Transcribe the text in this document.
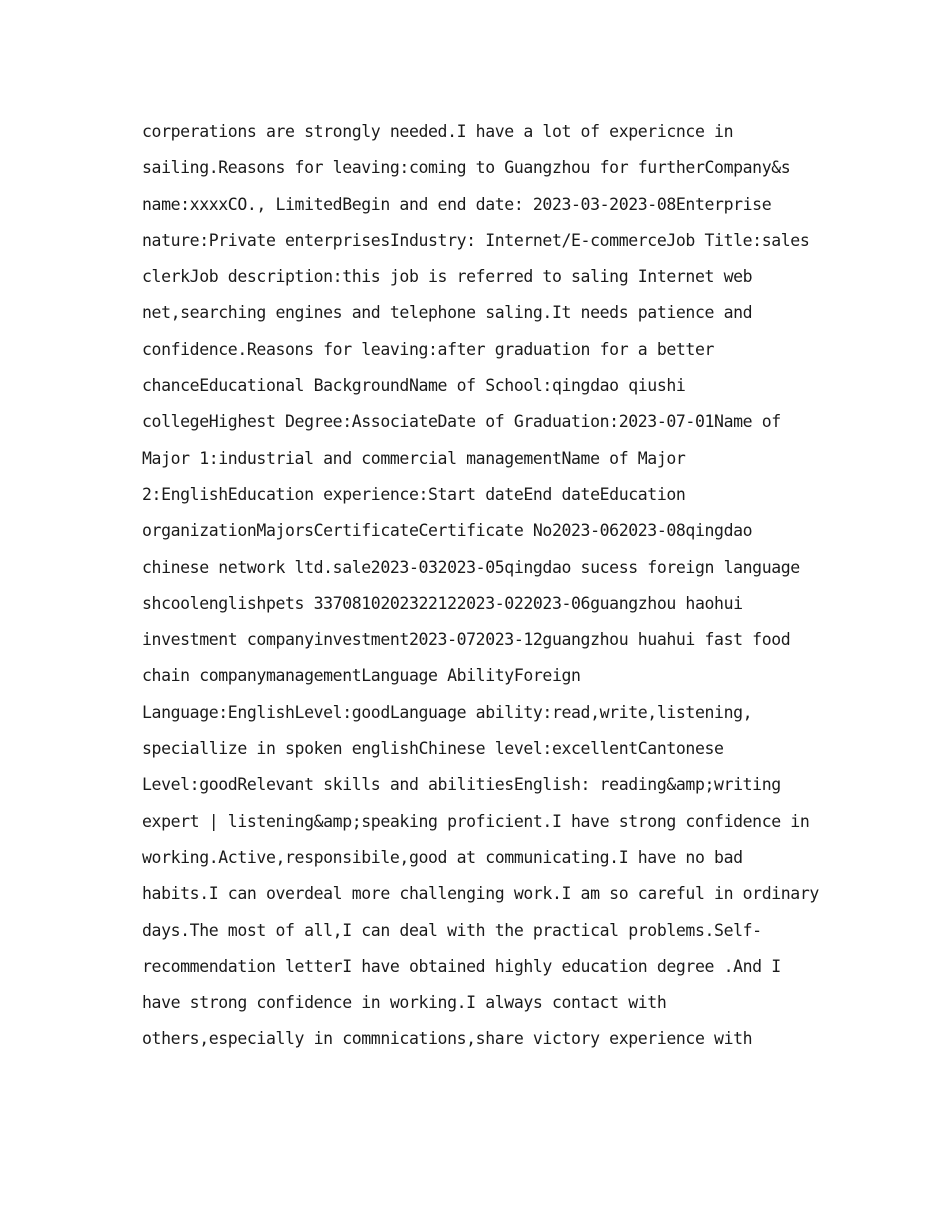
corperations are strongly needed.I have a lot of expericnce in
sailing.Reasons for leaving:coming to Guangzhou for furtherCompany&s
name:xxxxCO., LimitedBegin and end date: 2023-03-2023-08Enterprise
nature:Private enterprisesIndustry: Internet/E-commerceJob Title:sales
clerkJob description:this job is referred to saling Internet web
net,searching engines and telephone saling.It needs patience and
confidence.Reasons for leaving:after graduation for a better
chanceEducational BackgroundName of School:qingdao qiushi
collegeHighest Degree:AssociateDate of Graduation:2023-07-01Name of
Major 1:industrial and commercial managementName of Major
2:EnglishEducation experience:Start dateEnd dateEducation
organizationMajorsCertificateCertificate No2023-062023-08qingdao
chinese network ltd.sale2023-032023-05qingdao sucess foreign language
shcoolenglishpets 3370810202322122023-022023-06guangzhou haohui
investment companyinvestment2023-072023-12guangzhou huahui fast food
chain companymanagementLanguage AbilityForeign
Language:EnglishLevel:goodLanguage ability:read,write,listening,
speciallize in spoken englishChinese level:excellentCantonese
Level:goodRelevant skills and abilitiesEnglish: reading&amp;writing
expert | listening&amp;speaking proficient.I have strong confidence in
working.Active,responsibile,good at communicating.I have no bad
habits.I can overdeal more challenging work.I am so careful in ordinary
days.The most of all,I can deal with the practical problems.Self-
recommendation letterI have obtained highly education degree .And I
have strong confidence in working.I always contact with
others,especially in commnications,share victory experience with
